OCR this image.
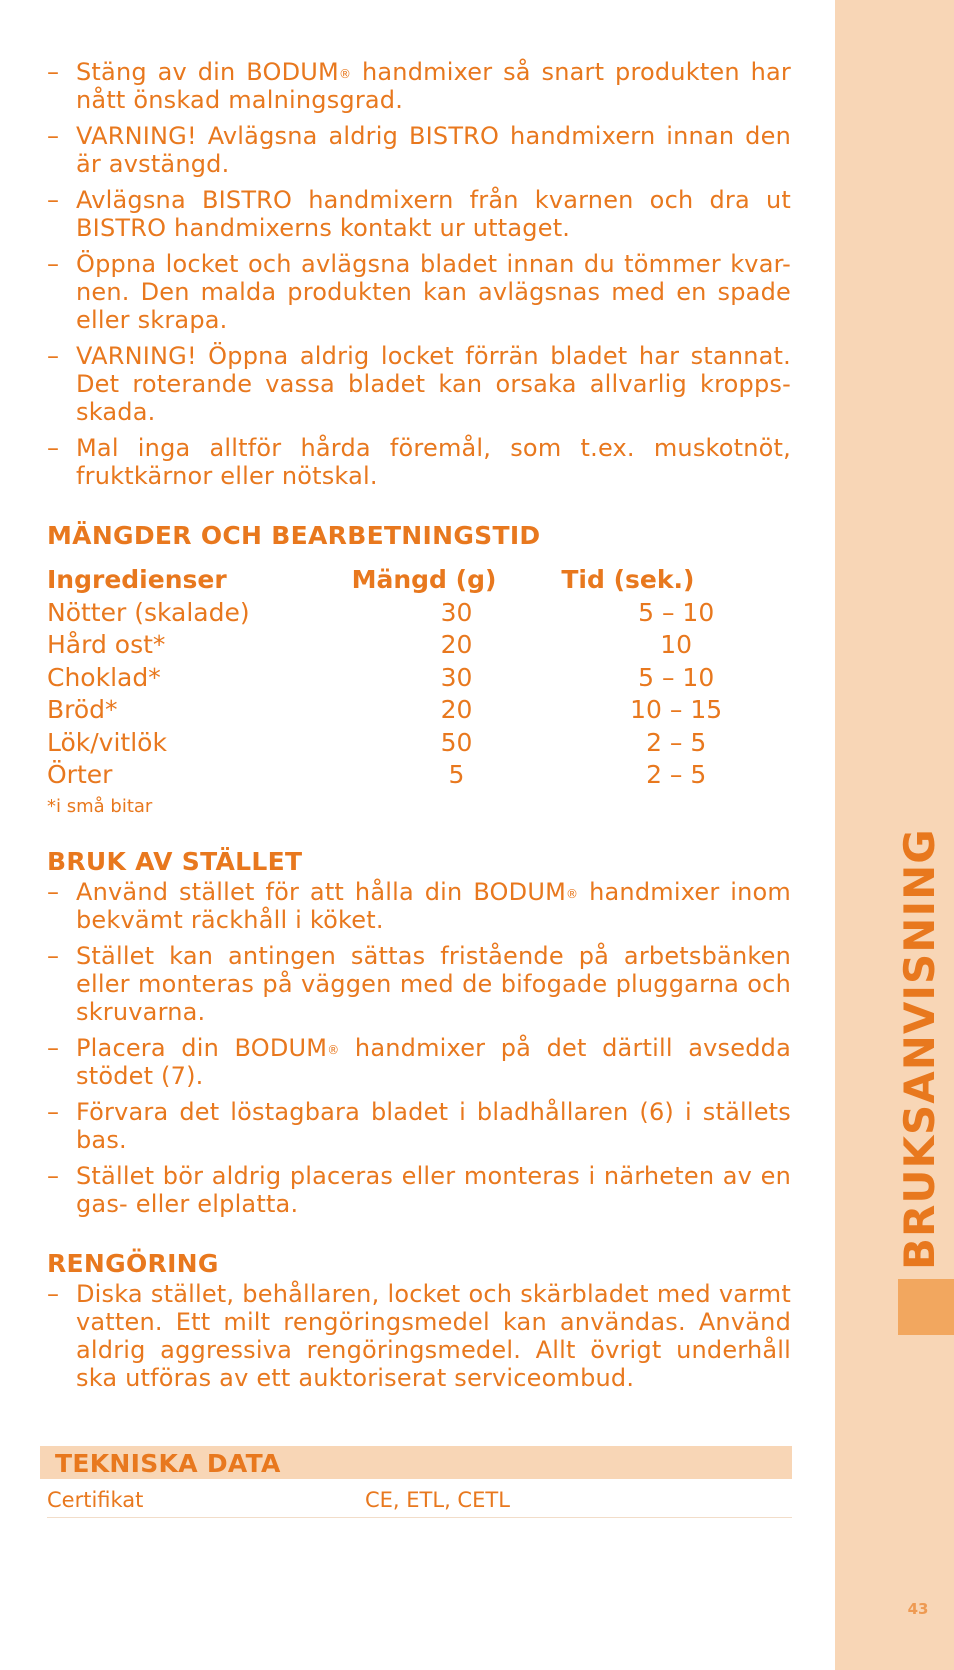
– Stäng av din BODUM® handmixer så snart produkten har nått önskad malningsgrad.
– VARNING! Avlägsna aldrig BISTRO handmixern innan den är avstängd.
– Avlägsna BISTRO handmixern från kvarnen och dra ut BISTRO handmixerns kontakt ur uttaget.
– Öppna locket och avlägsna bladet innan du tömmer kvar-nen. Den malda produkten kan avlägsnas med en spade eller skrapa.
– VARNING! Öppna aldrig locket förrän bladet har stannat. Det roterande vassa bladet kan orsaka allvarlig kropps-skada.
– Mal inga alltför hårda föremål, som t.ex. muskotnöt, fruktkärnor eller nötskal.
MÄNGDER OCH BEARBETNINGSTID
Ingredienser	Mängd (g)	Tid (sek.)
Nötter (skalade)	30	5 – 10
Hård ost*	20	10
Choklad*	30	5 – 10
Bröd*	20	10 – 15
Lök/vitlök	50	2 – 5
Örter	5	2 – 5
*i små bitar
BRUK AV STÄLLET
– Använd stället för att hålla din BODUM® handmixer inom bekvämt räckhåll i köket.
– Stället kan antingen sättas fristående på arbetsbänken eller monteras på väggen med de bifogade pluggarna och skruvarna.
– Placera din BODUM® handmixer på det därtill avsedda stödet (7).
– Förvara det löstagbara bladet i bladhållaren (6) i ställets bas.
– Stället bör aldrig placeras eller monteras i närheten av en gas- eller elplatta.
RENGÖRING
– Diska stället, behållaren, locket och skärbladet med varmt vatten. Ett milt rengöringsmedel kan användas. Använd aldrig aggressiva rengöringsmedel. Allt övrigt underhåll ska utföras av ett auktoriserat serviceombud.
TEKNISKA DATA
Certifikat	CE, ETL, CETL
BRUKSANVISNING
43
